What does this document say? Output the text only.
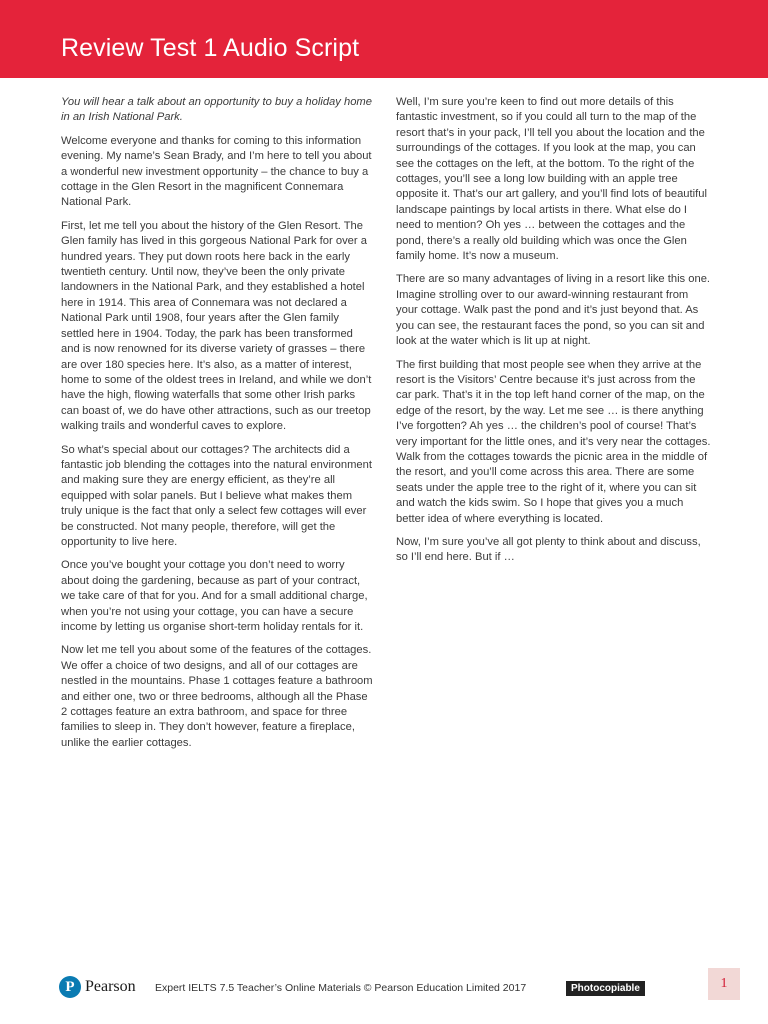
Review Test 1 Audio Script

You will hear a talk about an opportunity to buy a holiday home in an Irish National Park.

Welcome everyone and thanks for coming to this information evening. My name’s Sean Brady, and I’m here to tell you about a wonderful new investment opportunity – the chance to buy a cottage in the Glen Resort in the magnificent Connemara National Park.

First, let me tell you about the history of the Glen Resort. The Glen family has lived in this gorgeous National Park for over a hundred years. They put down roots here back in the early twentieth century. Until now, they’ve been the only private landowners in the National Park, and they established a hotel here in 1914. This area of Connemara was not declared a National Park until 1908, four years after the Glen family settled here in 1904. Today, the park has been transformed and is now renowned for its diverse variety of grasses – there are over 180 species here. It’s also, as a matter of interest, home to some of the oldest trees in Ireland, and while we don’t have the high, flowing waterfalls that some other Irish parks can boast of, we do have other attractions, such as our treetop walking trails and wonderful caves to explore.

So what’s special about our cottages? The architects did a fantastic job blending the cottages into the natural environment and making sure they are energy efficient, as they’re all equipped with solar panels. But I believe what makes them truly unique is the fact that only a select few cottages will ever be constructed. Not many people, therefore, will get the opportunity to live here.

Once you’ve bought your cottage you don’t need to worry about doing the gardening, because as part of your contract, we take care of that for you. And for a small additional charge, when you’re not using your cottage, you can have a secure income by letting us organise short-term holiday rentals for it.

Now let me tell you about some of the features of the cottages. We offer a choice of two designs, and all of our cottages are nestled in the mountains. Phase 1 cottages feature a bathroom and either one, two or three bedrooms, although all the Phase 2 cottages feature an extra bathroom, and space for three families to sleep in. They don’t however, feature a fireplace, unlike the earlier cottages.

Well, I’m sure you’re keen to find out more details of this fantastic investment, so if you could all turn to the map of the resort that’s in your pack, I’ll tell you about the location and the surroundings of the cottages. If you look at the map, you can see the cottages on the left, at the bottom. To the right of the cottages, you’ll see a long low building with an apple tree opposite it. That’s our art gallery, and you’ll find lots of beautiful landscape paintings by local artists in there. What else do I need to mention? Oh yes … between the cottages and the pond, there’s a really old building which was once the Glen family home. It’s now a museum.

There are so many advantages of living in a resort like this one. Imagine strolling over to our award-winning restaurant from your cottage. Walk past the pond and it’s just beyond that. As you can see, the restaurant faces the pond, so you can sit and look at the water which is lit up at night.

The first building that most people see when they arrive at the resort is the Visitors’ Centre because it’s just across from the car park. That’s it in the top left hand corner of the map, on the edge of the resort, by the way. Let me see … is there anything I’ve forgotten? Ah yes … the children’s pool of course! That’s very important for the little ones, and it’s very near the cottages. Walk from the cottages towards the picnic area in the middle of the resort, and you’ll come across this area. There are some seats under the apple tree to the right of it, where you can sit and watch the kids swim. So I hope that gives you a much better idea of where everything is located.

Now, I’m sure you’ve all got plenty to think about and discuss, so I’ll end here. But if …

P Pearson Expert IELTS 7.5 Teacher’s Online Materials © Pearson Education Limited 2017	Photocopiable	1
